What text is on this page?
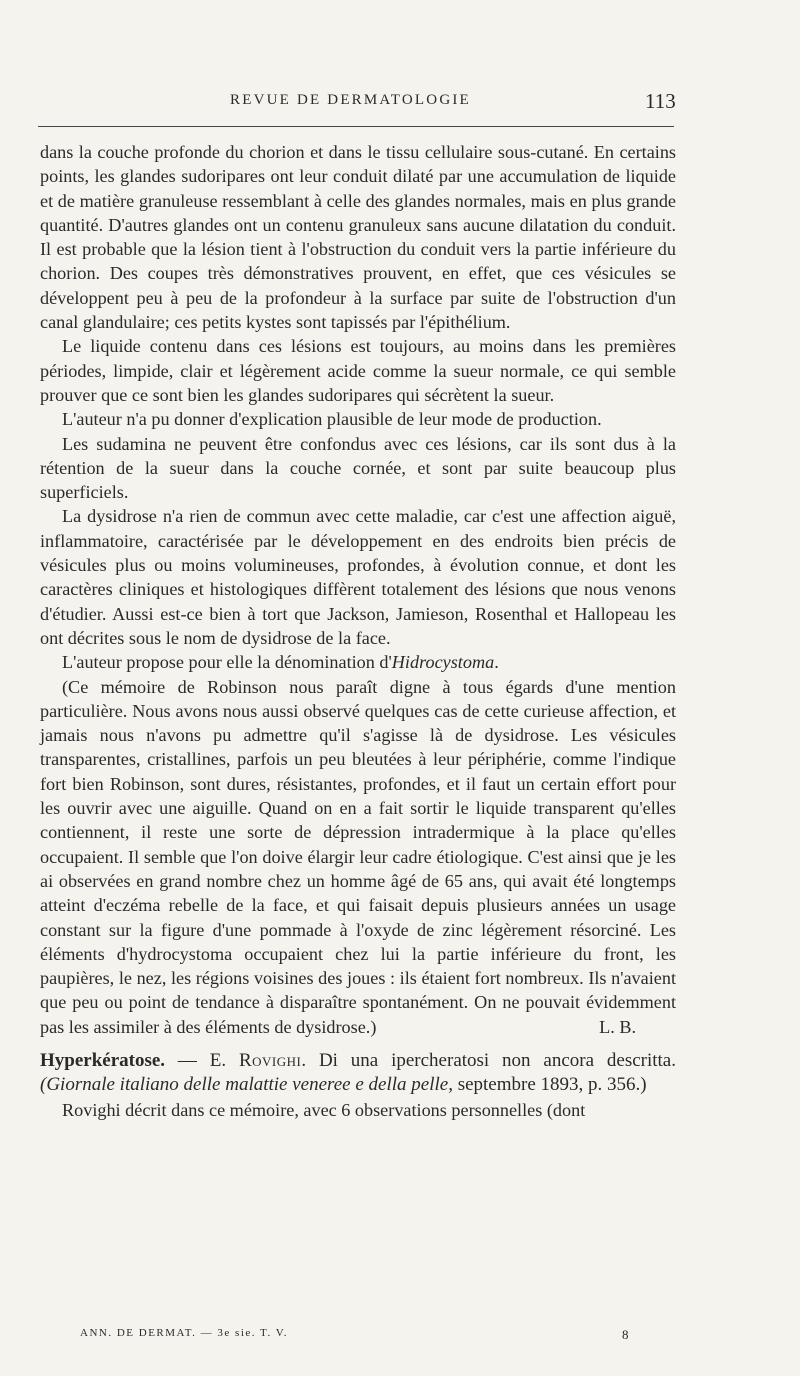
REVUE DE DERMATOLOGIE	113

dans la couche profonde du chorion et dans le tissu cellulaire sous-cutané. En certains points, les glandes sudoripares ont leur conduit dilaté par une accumulation de liquide et de matière granuleuse ressemblant à celle des glandes normales, mais en plus grande quantité. D'autres glandes ont un contenu granuleux sans aucune dilatation du conduit. Il est probable que la lésion tient à l'obstruction du conduit vers la partie inférieure du chorion. Des coupes très démonstratives prouvent, en effet, que ces vésicules se développent peu à peu de la profondeur à la surface par suite de l'obstruction d'un canal glandulaire; ces petits kystes sont tapissés par l'épithélium.

Le liquide contenu dans ces lésions est toujours, au moins dans les premières périodes, limpide, clair et légèrement acide comme la sueur normale, ce qui semble prouver que ce sont bien les glandes sudoripares qui sécrètent la sueur.

L'auteur n'a pu donner d'explication plausible de leur mode de production.

Les sudamina ne peuvent être confondus avec ces lésions, car ils sont dus à la rétention de la sueur dans la couche cornée, et sont par suite beaucoup plus superficiels.

La dysidrose n'a rien de commun avec cette maladie, car c'est une affection aiguë, inflammatoire, caractérisée par le développement en des endroits bien précis de vésicules plus ou moins volumineuses, profondes, à évolution connue, et dont les caractères cliniques et histologiques diffèrent totalement des lésions que nous venons d'étudier. Aussi est-ce bien à tort que Jackson, Jamieson, Rosenthal et Hallopeau les ont décrites sous le nom de dysidrose de la face.

L'auteur propose pour elle la dénomination d'Hidrocystoma.

(Ce mémoire de Robinson nous paraît digne à tous égards d'une mention particulière. Nous avons nous aussi observé quelques cas de cette curieuse affection, et jamais nous n'avons pu admettre qu'il s'agisse là de dysidrose. Les vésicules transparentes, cristallines, parfois un peu bleutées à leur périphérie, comme l'indique fort bien Robinson, sont dures, résistantes, profondes, et il faut un certain effort pour les ouvrir avec une aiguille. Quand on en a fait sortir le liquide transparent qu'elles contiennent, il reste une sorte de dépression intradermique à la place qu'elles occupaient. Il semble que l'on doive élargir leur cadre étiologique. C'est ainsi que je les ai observées en grand nombre chez un homme âgé de 65 ans, qui avait été longtemps atteint d'eczéma rebelle de la face, et qui faisait depuis plusieurs années un usage constant sur la figure d'une pommade à l'oxyde de zinc légèrement résorciné. Les éléments d'hydrocystoma occupaient chez lui la partie inférieure du front, les paupières, le nez, les régions voisines des joues : ils étaient fort nombreux. Ils n'avaient que peu ou point de tendance à disparaître spontanément. On ne pouvait évidemment pas les assimiler à des éléments de dysidrose.)	L. B.

Hyperkératose. — E. Rovighi. Di una ipercheratosi non ancora descritta. (Giornale italiano delle malattie veneree e della pelle, septembre 1893, p. 356.)

Rovighi décrit dans ce mémoire, avec 6 observations personnelles (dont

ANN. DE DERMAT. — 3e sie. T. V.	8
